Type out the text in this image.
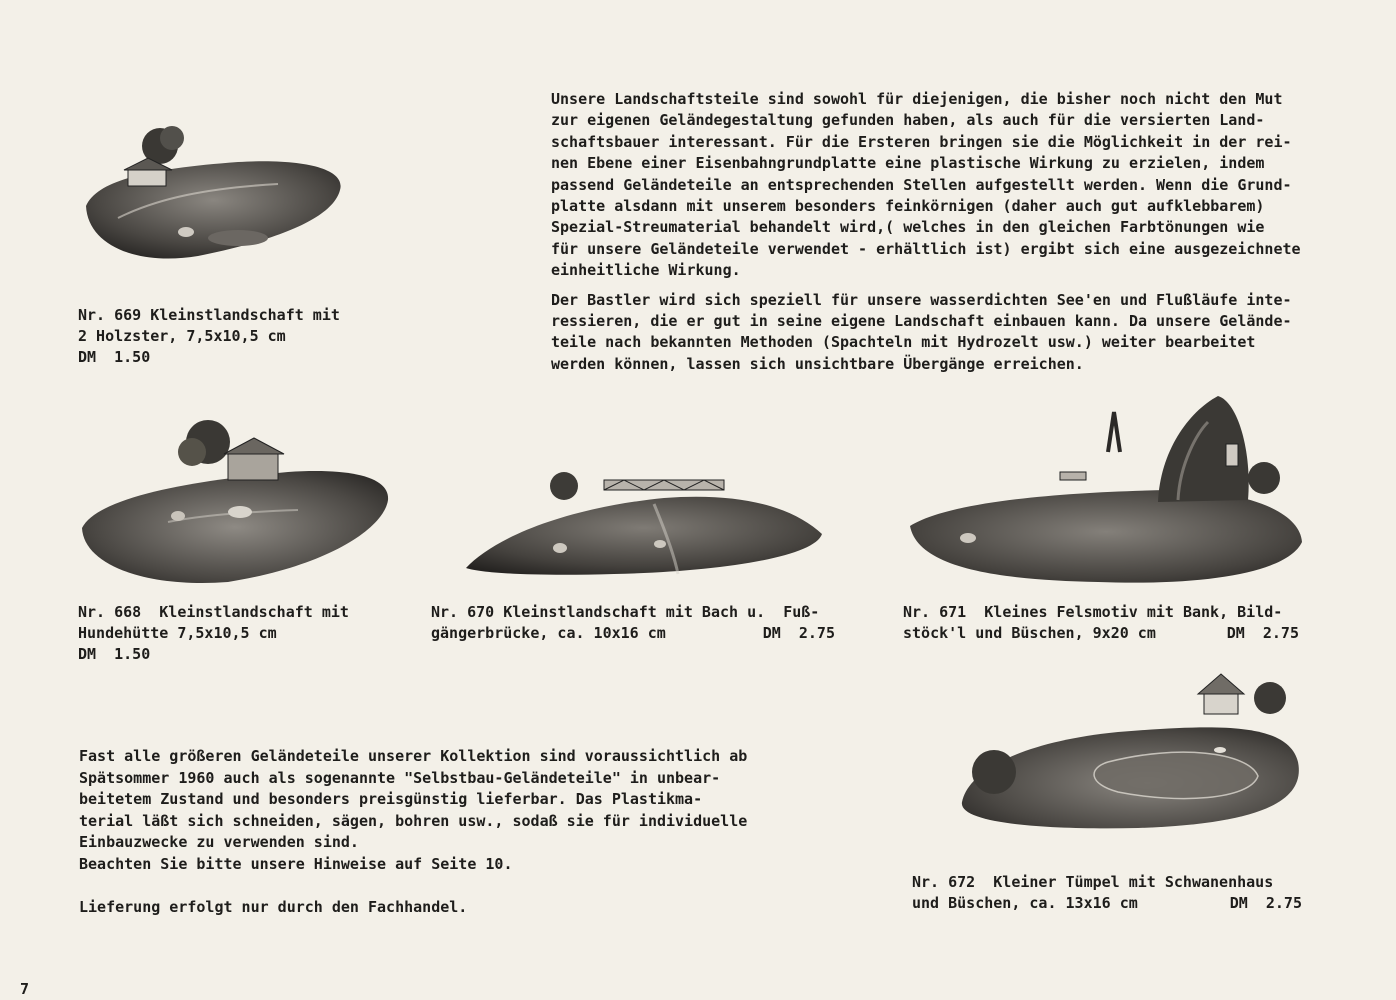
Unsere Landschaftsteile sind sowohl für diejenigen, die bisher noch nicht den Mut
zur eigenen Geländegestaltung gefunden haben, als auch für die versierten Land-
schaftsbauer interessant. Für die Ersteren bringen sie die Möglichkeit in der rei-
nen Ebene einer Eisenbahngrundplatte eine plastische Wirkung zu erzielen, indem
passend Geländeteile an entsprechenden Stellen aufgestellt werden. Wenn die Grund-
platte alsdann mit unserem besonders feinkörnigen (daher auch gut aufklebbarem)
Spezial-Streumaterial behandelt wird,( welches in den gleichen Farbtönungen wie
für unsere Geländeteile verwendet - erhältlich ist) ergibt sich eine ausgezeichnete
einheitliche Wirkung.

Der Bastler wird sich speziell für unsere wasserdichten See'en und Flußläufe inte-
ressieren, die er gut in seine eigene Landschaft einbauen kann. Da unsere Gelände-
teile nach bekannten Methoden (Spachteln mit Hydrozelt usw.) weiter bearbeitet
werden können, lassen sich unsichtbare Übergänge erreichen.

Nr. 669 Kleinstlandschaft mit
2 Holzster, 7,5x10,5 cm
DM  1.50
Nr. 668  Kleinstlandschaft mit
Hundehütte 7,5x10,5 cm
DM  1.50
Nr. 670 Kleinstlandschaft mit Bach u.  Fuß-
gängerbrücke, ca. 10x16 cm	DM  2.75
Nr. 671  Kleines Felsmotiv mit Bank, Bild-
stöck'l und Büschen, 9x20 cm	DM  2.75
Nr. 672  Kleiner Tümpel mit Schwanenhaus
und Büschen, ca. 13x16 cm	DM  2.75
Fast alle größeren Geländeteile unserer Kollektion sind voraussichtlich ab
Spätsommer 1960 auch als sogenannte "Selbstbau-Geländeteile" in unbear-
beitetem Zustand und besonders preisgünstig lieferbar. Das Plastikma-
terial läßt sich schneiden, sägen, bohren usw., sodaß sie für individuelle
Einbauzwecke zu verwenden sind.
Beachten Sie bitte unsere Hinweise auf Seite 10.
Lieferung erfolgt nur durch den Fachhandel.
7
